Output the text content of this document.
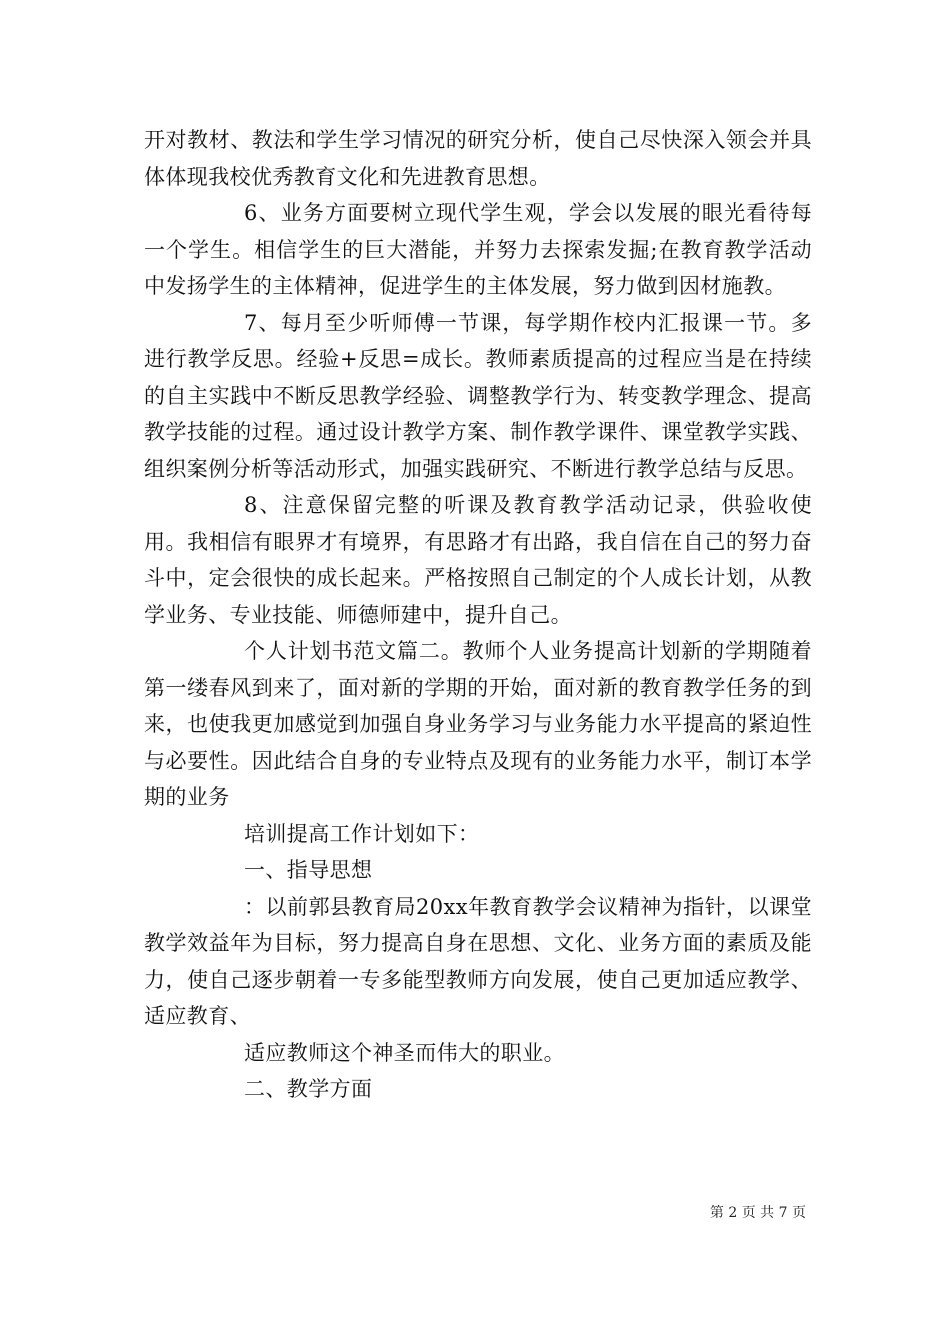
开对教材、教法和学生学习情况的研究分析，使自己尽快深入领会并具体体现我校优秀教育文化和先进教育思想。

6、业务方面要树立现代学生观，学会以发展的眼光看待每一个学生。相信学生的巨大潜能，并努力去探索发掘;在教育教学活动中发扬学生的主体精神，促进学生的主体发展，努力做到因材施教。

7、每月至少听师傅一节课，每学期作校内汇报课一节。多进行教学反思。经验+反思=成长。教师素质提高的过程应当是在持续的自主实践中不断反思教学经验、调整教学行为、转变教学理念、提高教学技能的过程。通过设计教学方案、制作教学课件、课堂教学实践、组织案例分析等活动形式，加强实践研究、不断进行教学总结与反思。

8、注意保留完整的听课及教育教学活动记录，供验收使用。我相信有眼界才有境界，有思路才有出路，我自信在自己的努力奋斗中，定会很快的成长起来。严格按照自己制定的个人成长计划，从教学业务、专业技能、师德师建中，提升自己。

个人计划书范文篇二。教师个人业务提高计划新的学期随着第一缕春风到来了，面对新的学期的开始，面对新的教育教学任务的到来，也使我更加感觉到加强自身业务学习与业务能力水平提高的紧迫性与必要性。因此结合自身的专业特点及现有的业务能力水平，制订本学期的业务

培训提高工作计划如下：

一、指导思想

：以前郭县教育局20xx年教育教学会议精神为指针，以课堂教学效益年为目标，努力提高自身在思想、文化、业务方面的素质及能力，使自己逐步朝着一专多能型教师方向发展，使自己更加适应教学、适应教育、

适应教师这个神圣而伟大的职业。

二、教学方面

第 2 页 共 7 页
